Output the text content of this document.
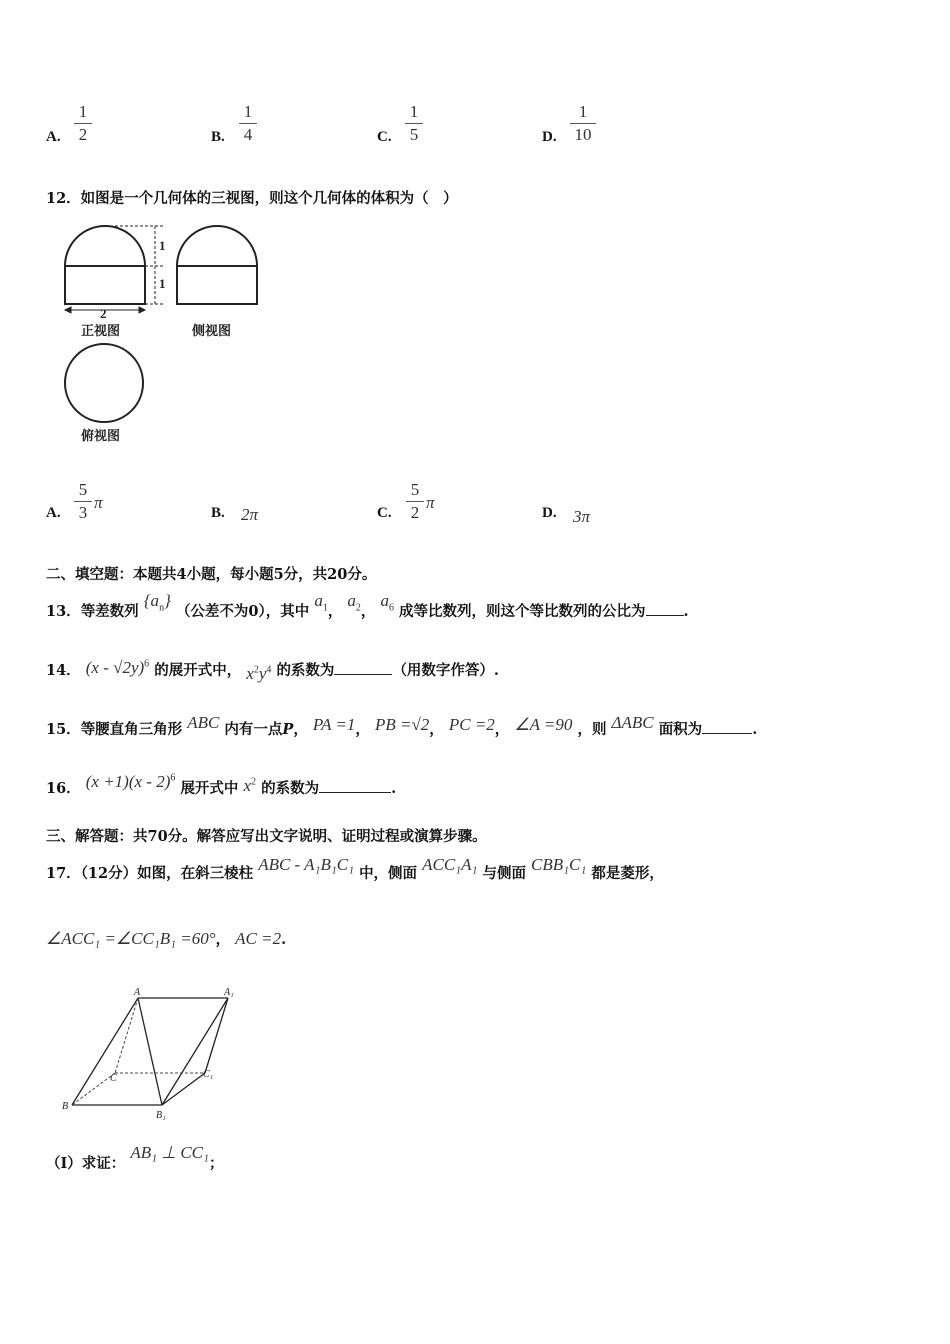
A.
1
2	B.
1
4	C.
1
5	D.
1
10
12．如图是一个几何体的三视图，则这个几何体的体积为（　）
1
1
2
正视图	侧视图
俯视图
A.
5
3
π
B. 2π	C.
5
2
π
D. 3π
二、填空题：本题共4小题，每小题5分，共20分。
13．等差数列 $\{a_n\}$ （公差不为0），其中 $a_1$， $a_2$， $a_6$ 成等比数列，则这个等比数列的公比为	.
14． (x - √2y)$^6$ 的展开式中， $x^2y^4$ 的系数为	（用数字作答）.
15．等腰直角三角形 ABC 内有一点P， PA =1， PB =√2， PC =2， ∠A =90 ，则 ΔABC 面积为	.
16． (x +1)(x - 2)$^6$ 展开式中 $x^2$ 的系数为	.
三、解答题：共70分。解答应写出文字说明、证明过程或演算步骤。
17．（12分）如图，在斜三棱柱 ABC - A₁B₁C₁ 中，侧面 ACC₁A₁ 与侧面 CBB₁C₁ 都是菱形，
∠ACC₁ =∠CC₁B₁ =60°， AC =2.
A	A₁
B
B₁
C	C₁
（Ⅰ）求证： AB₁ ⊥ CC₁；
